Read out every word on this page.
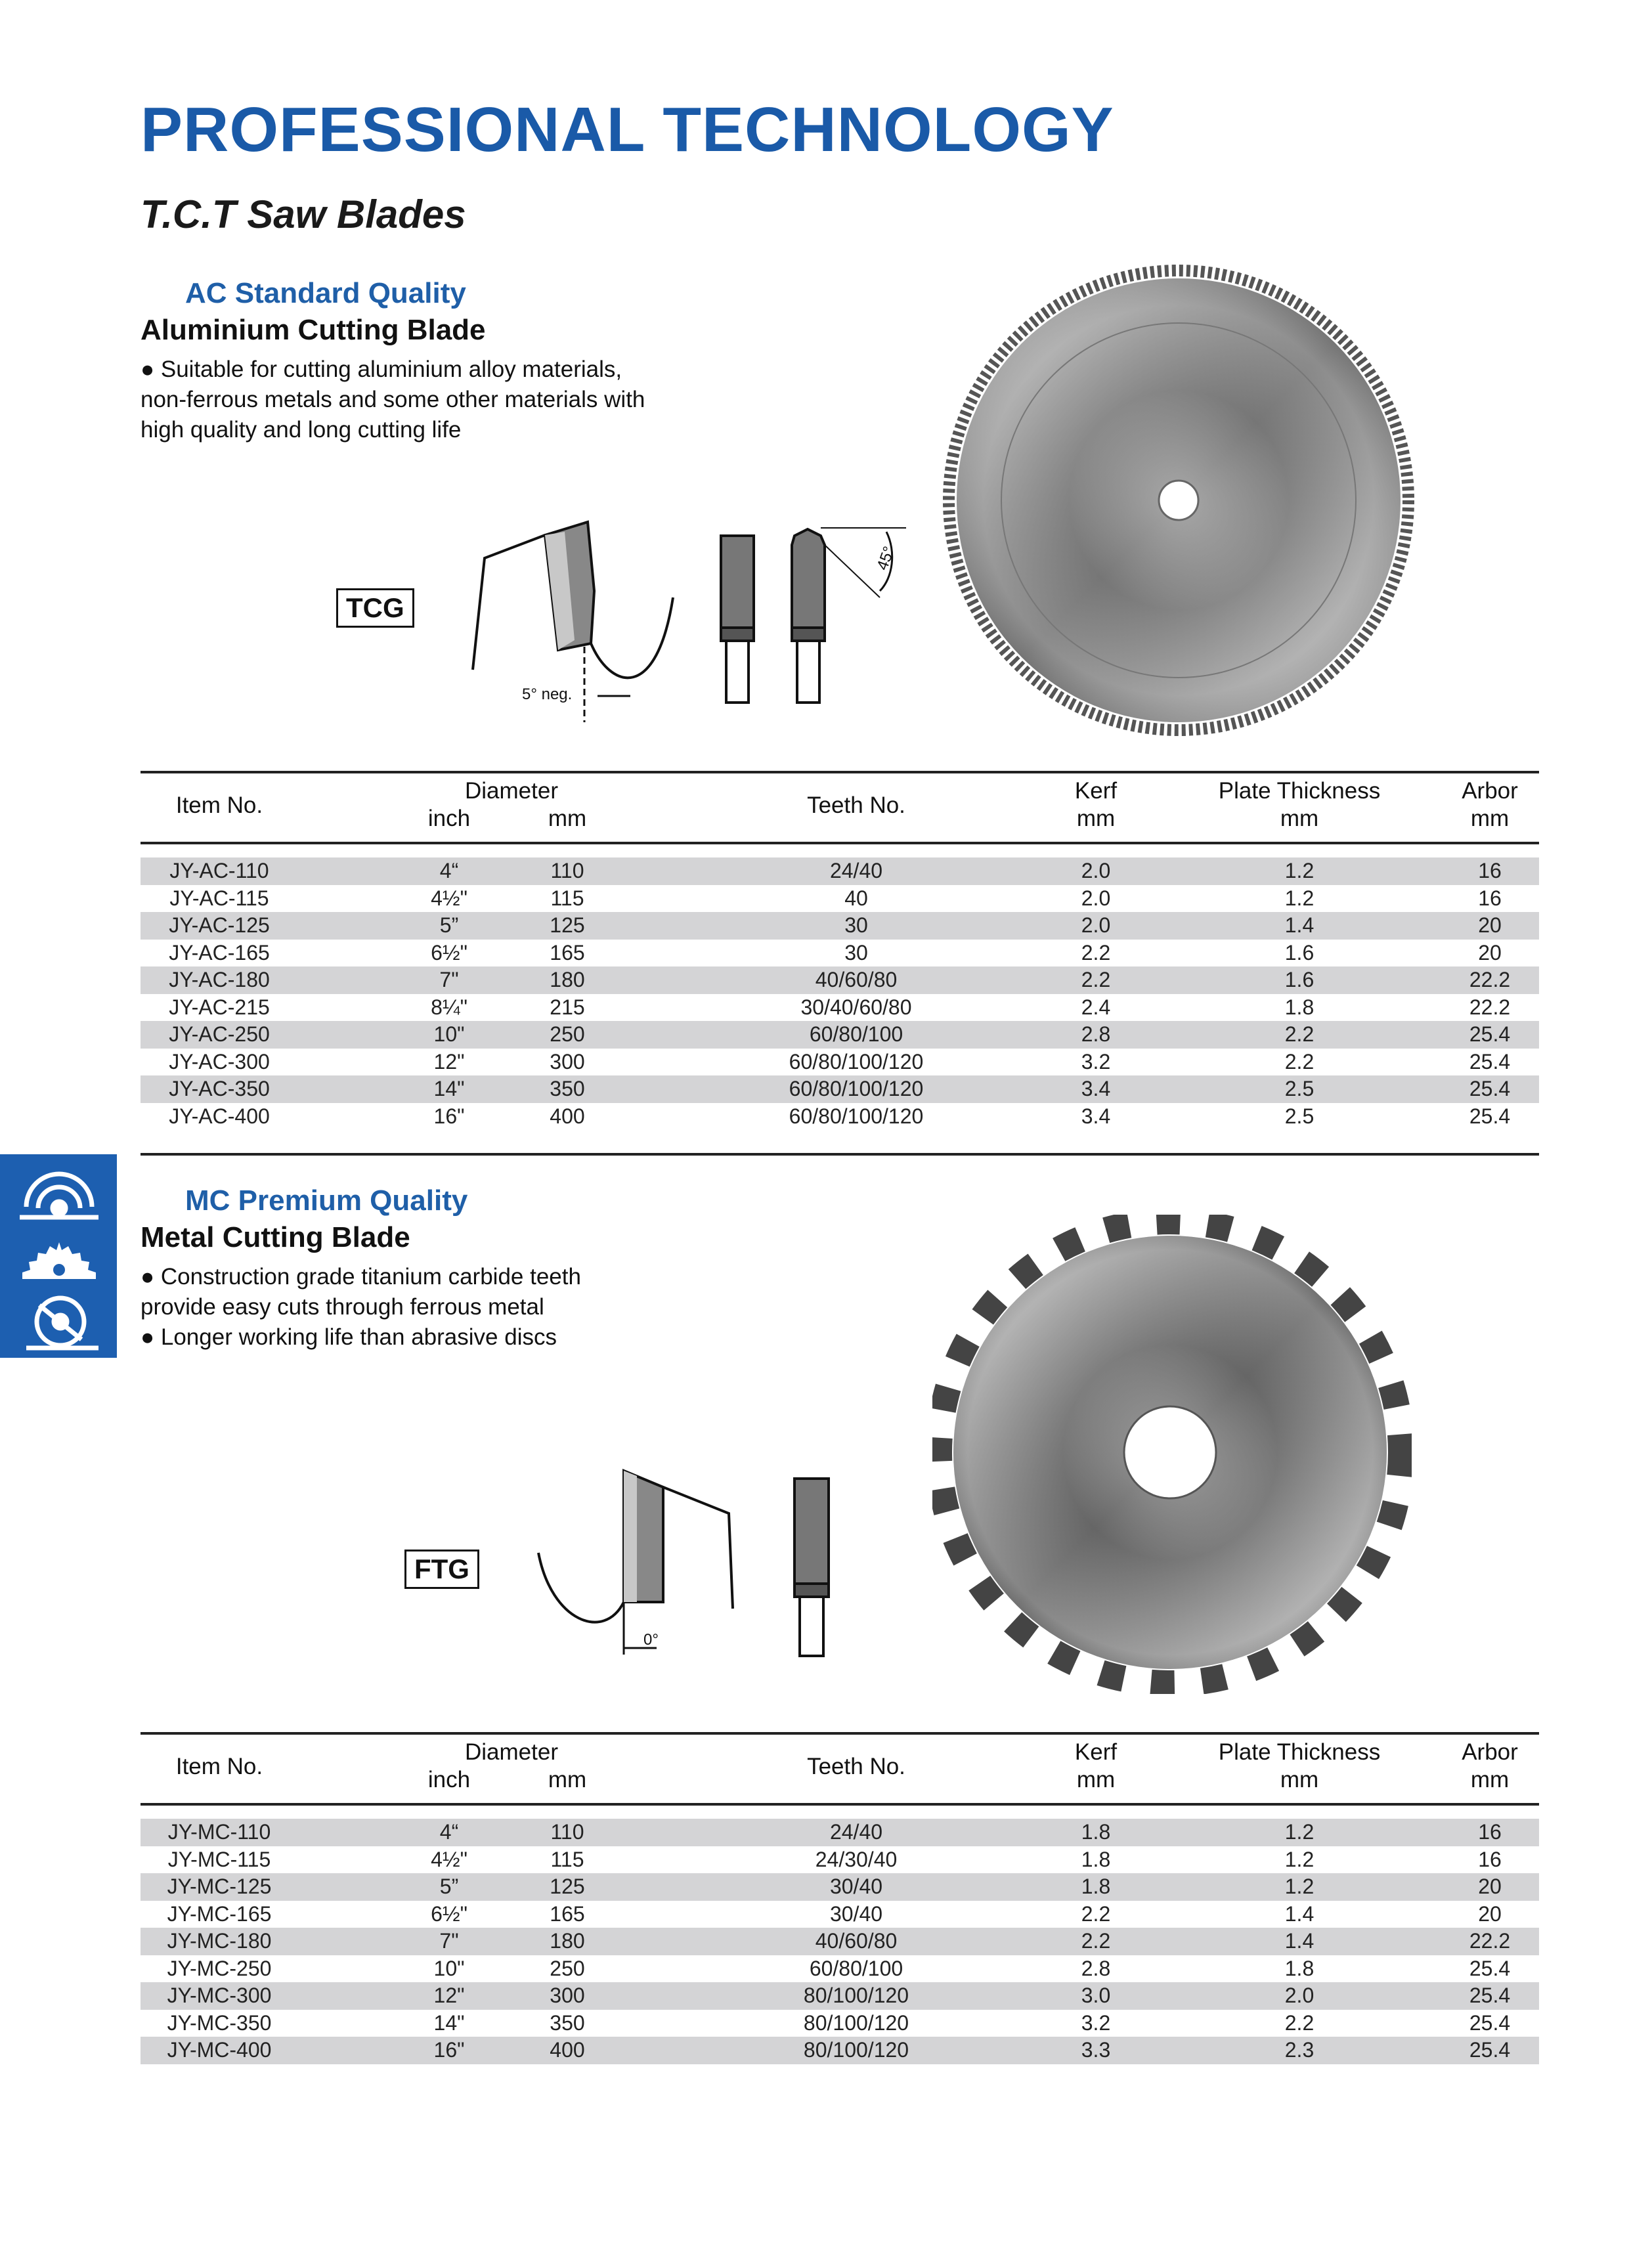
PROFESSIONAL TECHNOLOGY
T.C.T Saw Blades
AC Standard Quality
Aluminium Cutting Blade
● Suitable for cutting aluminium alloy materials,
non-ferrous metals and some other materials with
high quality and long cutting life
TCG
5° neg.
45°
Item No.
Diameter
inch	mm
Teeth No.
Kerf
mm
Plate Thickness
mm
Arbor
mm
JY-AC-110	4“	110	24/40	2.0	1.2	16
JY-AC-115	4½"	115	40	2.0	1.2	16
JY-AC-125	5”	125	30	2.0	1.4	20
JY-AC-165	6½"	165	30	2.2	1.6	20
JY-AC-180	7"	180	40/60/80	2.2	1.6	22.2
JY-AC-215	8¼"	215	30/40/60/80	2.4	1.8	22.2
JY-AC-250	10"	250	60/80/100	2.8	2.2	25.4
JY-AC-300	12"	300	60/80/100/120	3.2	2.2	25.4
JY-AC-350	14"	350	60/80/100/120	3.4	2.5	25.4
JY-AC-400	16"	400	60/80/100/120	3.4	2.5	25.4
MC Premium Quality
Metal Cutting Blade
● Construction grade titanium carbide teeth
provide easy cuts through ferrous metal
● Longer working life than abrasive discs
FTG
0°
Item No.
Diameter
inch	mm
Teeth No.
Kerf
mm
Plate Thickness
mm
Arbor
mm
JY-MC-110	4“	110	24/40	1.8	1.2	16
JY-MC-115	4½"	115	24/30/40	1.8	1.2	16
JY-MC-125	5”	125	30/40	1.8	1.2	20
JY-MC-165	6½"	165	30/40	2.2	1.4	20
JY-MC-180	7"	180	40/60/80	2.2	1.4	22.2
JY-MC-250	10"	250	60/80/100	2.8	1.8	25.4
JY-MC-300	12"	300	80/100/120	3.0	2.0	25.4
JY-MC-350	14"	350	80/100/120	3.2	2.2	25.4
JY-MC-400	16"	400	80/100/120	3.3	2.3	25.4
